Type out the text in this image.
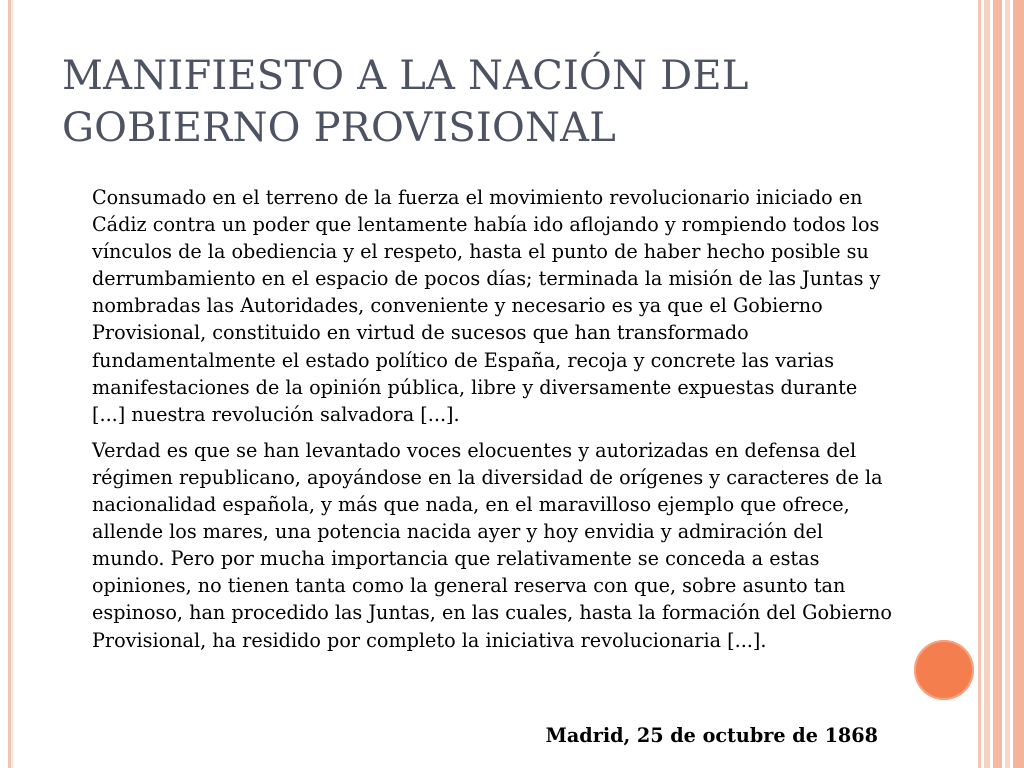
MANIFIESTO A LA NACIÓN DEL
GOBIERNO PROVISIONAL

Consumado en el terreno de la fuerza el movimiento revolucionario iniciado en Cádiz contra un poder que lentamente había ido aflojando y rompiendo todos los vínculos de la obediencia y el respeto, hasta el punto de haber hecho posible su derrumbamiento en el espacio de pocos días; terminada la misión de las Juntas y nombradas las Autoridades, conveniente y necesario es ya que el Gobierno Provisional, constituido en virtud de sucesos que han transformado fundamentalmente el estado político de España, recoja y concrete las varias manifestaciones de la opinión pública, libre y diversamente expuestas durante [...] nuestra revolución salvadora [...].

Verdad es que se han levantado voces elocuentes y autorizadas en defensa del régimen republicano, apoyándose en la diversidad de orígenes y caracteres de la nacionalidad española, y más que nada, en el maravilloso ejemplo que ofrece, allende los mares, una potencia nacida ayer y hoy envidia y admiración del mundo. Pero por mucha importancia que relativamente se conceda a estas opiniones, no tienen tanta como la general reserva con que, sobre asunto tan espinoso, han procedido las Juntas, en las cuales, hasta la formación del Gobierno Provisional, ha residido por completo la iniciativa revolucionaria [...].

Madrid, 25 de octubre de 1868
